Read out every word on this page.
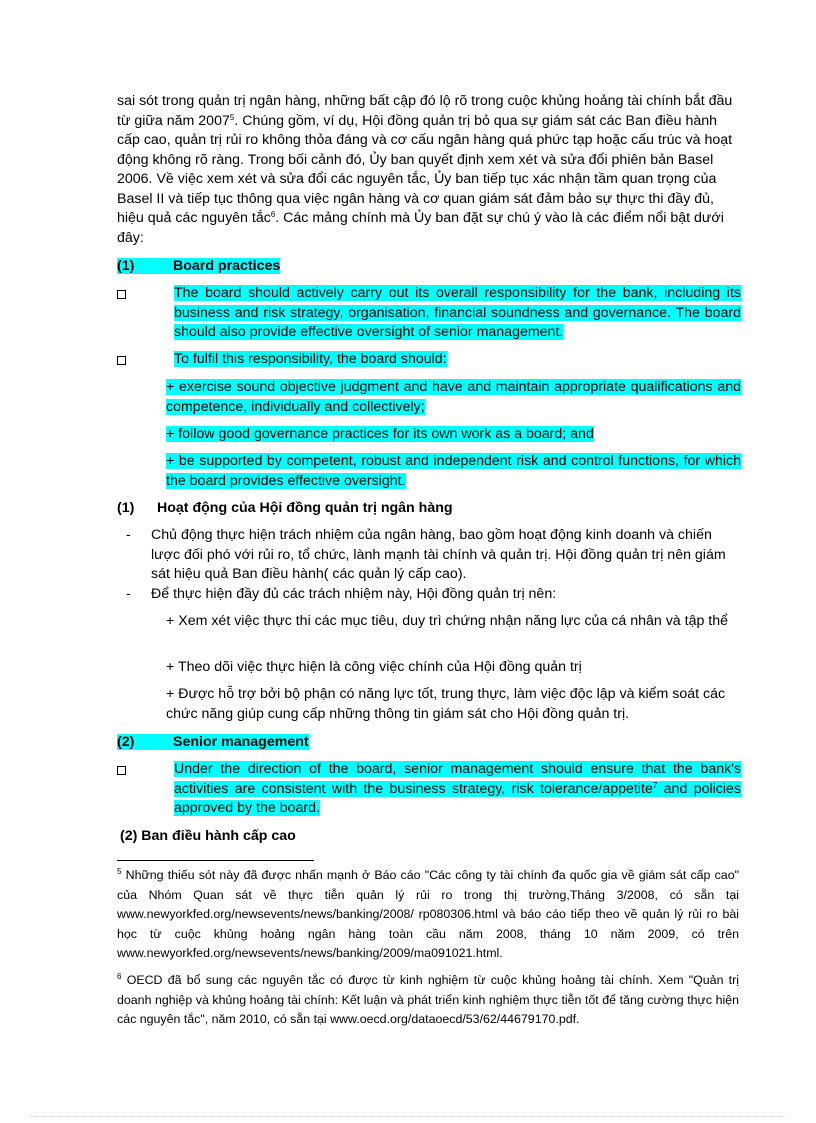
sai sót trong quản trị ngân hàng, những bất cập đó lộ rõ trong cuộc khủng hoảng tài chính bắt đầu từ giữa năm 2007$^5$. Chúng gồm, ví dụ, Hội đồng quản trị bỏ qua sự giám sát các Ban điều hành cấp cao, quản trị rủi ro không thỏa đáng và cơ cấu ngân hàng quá phức tạp hoặc cấu trúc và hoạt động không rõ ràng. Trong bối cảnh đó, Ủy ban quyết định xem xét và sửa đổi phiên bản Basel 2006. Về việc xem xét và sửa đổi các nguyên tắc, Ủy ban tiếp tục xác nhận tầm quan trọng của Basel II và tiếp tục thông qua việc ngân hàng và cơ quan giám sát đảm bảo sự thực thi đầy đủ, hiệu quả các nguyên tắc$^6$. Các mảng chính mà Ủy ban đặt sự chú ý vào là các điểm nổi bật dưới đây:

(1)	Board practices

The board should actively carry out its overall responsibility for the bank, including its business and risk strategy, organisation, financial soundness and governance. The board should also provide effective oversight of senior management.

To fulfil this responsibility, the board should:

+ exercise sound objective judgment and have and maintain appropriate qualifications and competence, individually and collectively;

+ follow good governance practices for its own work as a board; and

+ be supported by competent, robust and independent risk and control functions, for which the board provides effective oversight.

(1) Hoạt động của Hội đồng quản trị ngân hàng
- Chủ động thực hiện trách nhiệm của ngân hàng, bao gồm hoạt động kinh doanh và chiến lược đối phó với rủi ro, tổ chức, lành mạnh tài chính và quản trị. Hội đồng quản trị nên giám sát hiệu quả Ban điều hành( các quản lý cấp cao).
- Để thực hiện đầy đủ các trách nhiệm này, Hội đồng quản trị nên:

+ Xem xét việc thực thi các mục tiêu, duy trì chứng nhận năng lực của cá nhân và tập thể

+ Theo dõi việc thực hiện là công việc chính của Hội đồng quản trị

+ Được hỗ trợ bởi bộ phận có năng lực tốt, trung thực, làm việc độc lập và kiểm soát các chức năng giúp cung cấp những thông tin giám sát cho Hội đồng quản trị.

(2)	Senior management

Under the direction of the board, senior management should ensure that the bank's activities are consistent with the business strategy, risk tolerance/appetite$^7$ and policies approved by the board.

(2) Ban điều hành cấp cao

$^5$ Những thiếu sót này đã được nhấn mạnh ở Báo cáo "Các công ty tài chính đa quốc gia về giám sát cấp cao" của Nhóm Quan sát về thực tiễn quản lý rủi ro trong thị trường,Tháng 3/2008, có sẵn tại www.newyorkfed.org/newsevents/news/banking/2008/ rp080306.html và báo cáo tiếp theo về quản lý rủi ro bài học từ cuộc khủng hoảng ngân hàng toàn cầu năm 2008, tháng 10 năm 2009, có trên www.newyorkfed.org/newsevents/news/banking/2009/ma091021.html.

$^6$ OECD đã bổ sung các nguyên tắc có được từ kinh nghiệm từ cuộc khủng hoảng tài chính. Xem "Quản trị doanh nghiệp và khủng hoảng tài chính: Kết luận và phát triển kinh nghiệm thực tiễn tốt để tăng cường thực hiện các nguyên tắc", năm 2010, có sẵn tại www.oecd.org/dataoecd/53/62/44679170.pdf.
